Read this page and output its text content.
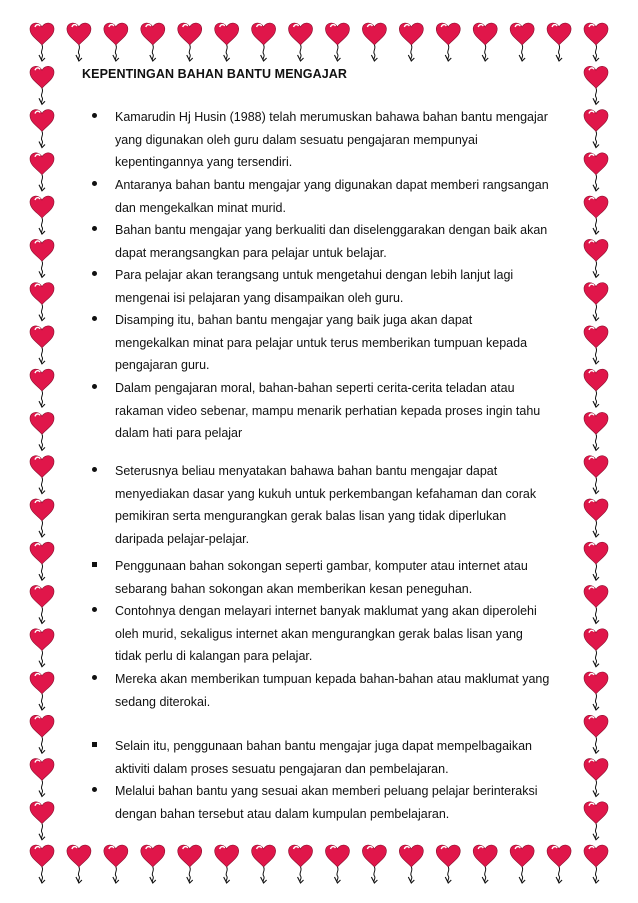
KEPENTINGAN BAHAN BANTU MENGAJAR
Kamarudin Hj Husin (1988) telah merumuskan bahawa bahan bantu mengajar
yang digunakan oleh guru dalam sesuatu pengajaran mempunyai
kepentingannya yang tersendiri.
Antaranya bahan bantu mengajar yang digunakan dapat memberi rangsangan
dan mengekalkan minat murid.
Bahan bantu mengajar yang berkualiti dan diselenggarakan dengan baik akan
dapat merangsangkan para pelajar untuk belajar.
Para pelajar akan terangsang untuk mengetahui dengan lebih lanjut lagi
mengenai isi pelajaran yang disampaikan oleh guru.
Disamping itu, bahan bantu mengajar yang baik juga akan dapat
mengekalkan minat para pelajar untuk terus memberikan tumpuan kepada
pengajaran guru.
Dalam pengajaran moral, bahan-bahan seperti cerita-cerita teladan atau
rakaman video sebenar, mampu menarik perhatian kepada proses ingin tahu
dalam hati para pelajar
Seterusnya beliau menyatakan bahawa bahan bantu mengajar dapat
menyediakan dasar yang kukuh untuk perkembangan kefahaman dan corak
pemikiran serta mengurangkan gerak balas lisan yang tidak diperlukan
daripada pelajar-pelajar.
Penggunaan bahan sokongan seperti gambar, komputer atau internet atau
sebarang bahan sokongan akan memberikan kesan peneguhan.
Contohnya dengan melayari internet banyak maklumat yang akan diperolehi
oleh murid, sekaligus internet akan mengurangkan gerak balas lisan yang
tidak perlu di kalangan para pelajar.
Mereka akan memberikan tumpuan kepada bahan-bahan atau maklumat yang
sedang diterokai.
Selain itu, penggunaan bahan bantu mengajar juga dapat mempelbagaikan
aktiviti dalam proses sesuatu pengajaran dan pembelajaran.
Melalui bahan bantu yang sesuai akan memberi peluang pelajar berinteraksi
dengan bahan tersebut atau dalam kumpulan pembelajaran.
